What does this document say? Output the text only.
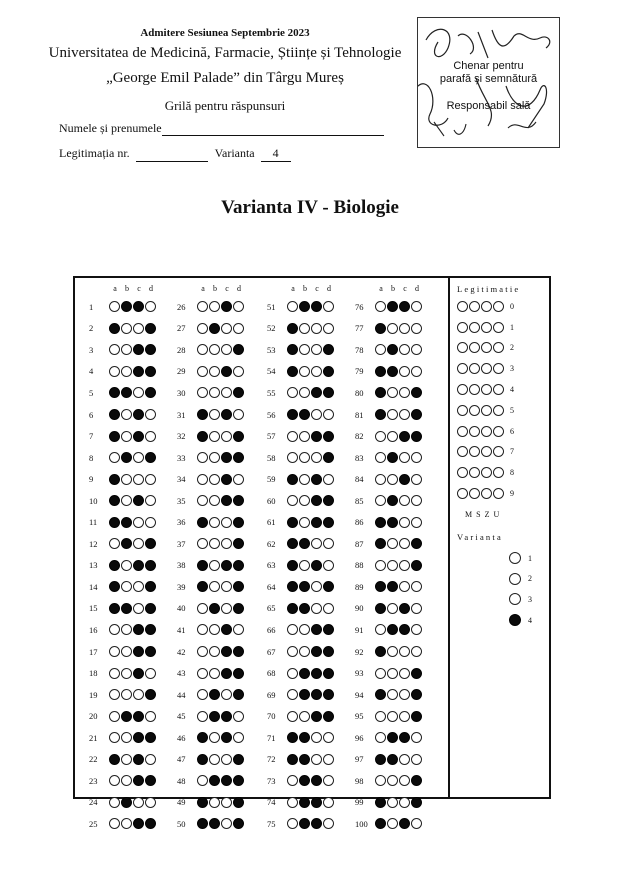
Admitere Sesiunea Septembrie 2023
Universitatea de Medicină, Farmacie, Științe și Tehnologie
„George Emil Palade” din Târgu Mureș
Grilă pentru răspunsuri
Numele și prenumele
Legitimația nr.	Varianta 4
Chenar pentru
parafă și semnătură
Responsabil sală
Varianta IV - Biologie
a b c d
1
2
3
4
5
6
7
8
9
10
11
12
13
14
15
16
17
18
19
20
21
22
23
24
25
a b c d
26
27
28
29
30
31
32
33
34
35
36
37
38
39
40
41
42
43
44
45
46
47
48
49
50
a b c d
51
52
53
54
55
56
57
58
59
60
61
62
63
64
65
66
67
68
69
70
71
72
73
74
75
a b c d
76
77
78
79
80
81
82
83
84
85
86
87
88
89
90
91
92
93
94
95
96
97
98
99
100
Legitimatie
0
1
2
3
4
5
6
7
8
9
M S Z U
Varianta
1
2
3
4
